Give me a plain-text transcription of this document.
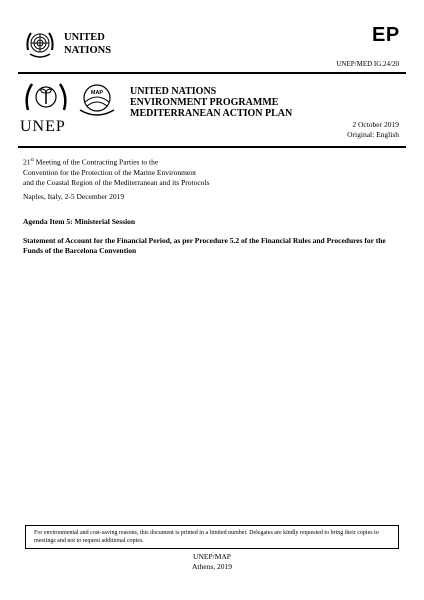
UNITED
NATIONS
EP
UNEP/MED IG.24/20
UNEP
MAP	UNITED NATIONS
ENVIRONMENT PROGRAMME
MEDITERRANEAN ACTION PLAN
2 October 2019
Original: English
21st Meeting of the Contracting Parties to the
Convention for the Protection of the Marine Environment
and the Coastal Region of the Mediterranean and its Protocols
Naples, Italy, 2-5 December 2019
Agenda Item 5: Ministerial Session
Statement of Account for the Financial Period, as per Procedure 5.2 of the Financial Rules and Procedures for the Funds of the Barcelona Convention
For environmental and cost-saving reasons, this document is printed in a limited number. Delegates are kindly requested to bring their copies to meetings and not to request additional copies.
UNEP/MAP
Athens, 2019
